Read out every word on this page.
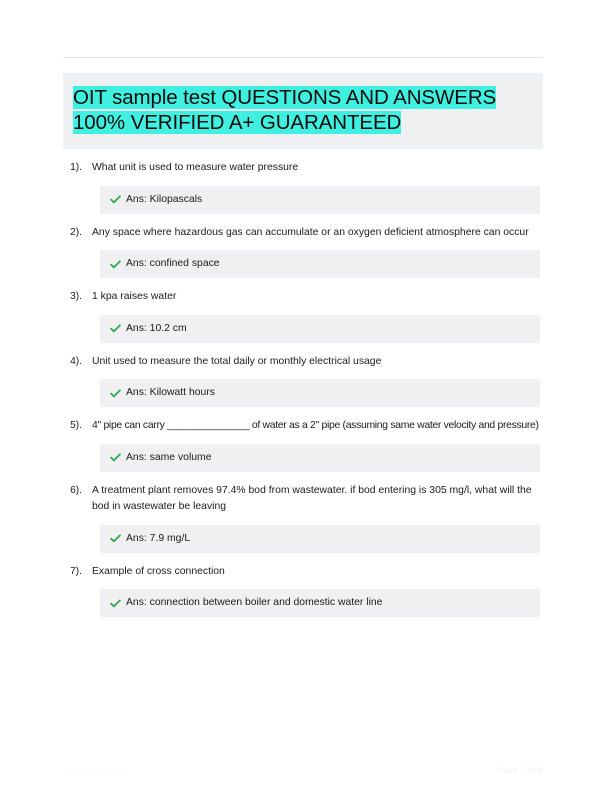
OIT sample test QUESTIONS AND ANSWERS
100% VERIFIED A+ GUARANTEED
1). What unit is used to measure water pressure
Ans: Kilopascals
2). Any space where hazardous gas can accumulate or an oxygen deficient atmosphere can occur
Ans: confined space
3). 1 kpa raises water
Ans: 10.2 cm
4). Unit used to measure the total daily or monthly electrical usage
Ans: Kilowatt hours
5). 4" pipe can carry _______________ of water as a 2" pipe (assuming same water velocity and pressure)
Ans: same volume
6). A treatment plant removes 97.4% bod from wastewater. if bod entering is 305 mg/l, what will the bod in wastewater be leaving
Ans: 7.9 mg/L
7). Example of cross connection
Ans: connection between boiler and domestic water line
PaperStitle.com	Page 1 of 9
